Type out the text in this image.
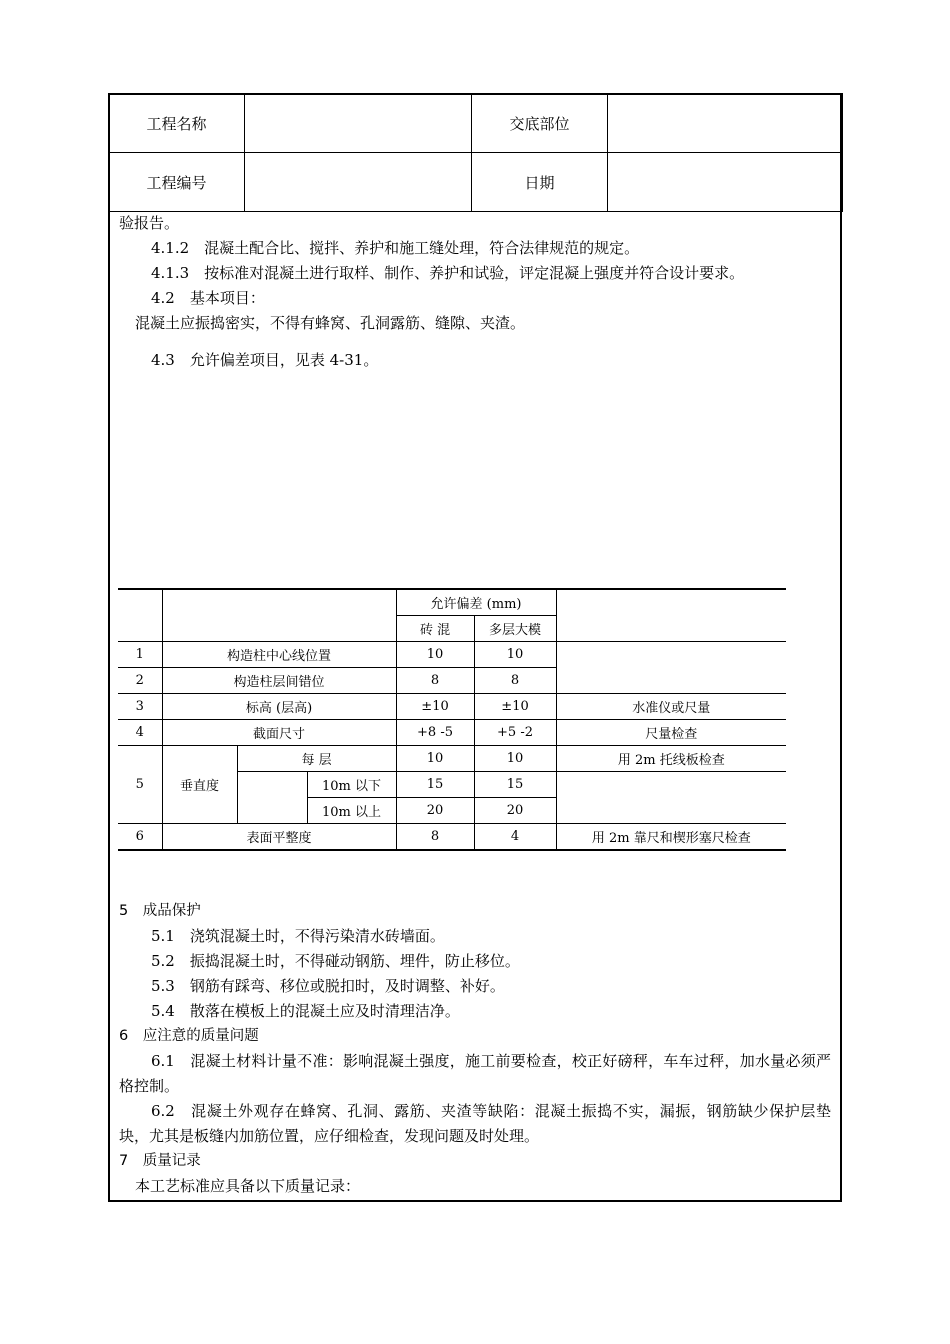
工程名称		交底部位	
工程编号		日期	
验报告。
4.1.2　混凝土配合比、搅拌、养护和施工缝处理，符合法律规范的规定。
4.1.3　按标准对混凝土进行取样、制作、养护和试验，评定混凝上强度并符合设计要求。
4.2　基本项目：
混凝土应振捣密实，不得有蜂窝、孔洞露筋、缝隙、夹渣。
4.3　允许偏差项目，见表 4-31。
				允许偏差 (mm)		
				砖 混	多层大模	
1	构造柱中心线位置			10	10	
2	构造柱层间错位			8	8	
3	标高 (层高)			±10	±10	水准仪或尺量
4	截面尺寸			+8 -5	+5 -2	尺量检查
5	垂直度	每 层		10	10	用 2m 托线板检查
			10m 以下	15	15	
			10m 以上	20	20	
6	表面平整度			8	4	用 2m 靠尺和楔形塞尺检查
5　成品保护
5.1　浇筑混凝土时，不得污染清水砖墙面。
5.2　振捣混凝土时，不得碰动钢筋、埋件，防止移位。
5.3　钢筋有踩弯、移位或脱扣时，及时调整、补好。
5.4　散落在模板上的混凝土应及时清理洁净。
6　应注意的质量问题
6.1　混凝土材料计量不准：影响混凝土强度，施工前要检查，校正好磅秤，车车过秤，加水量必须严格控制。
6.2　混凝土外观存在蜂窝、孔洞、露筋、夹渣等缺陷：混凝土振捣不实，漏振，钢筋缺少保护层垫块，尤其是板缝内加筋位置，应仔细检查，发现问题及时处理。
7　质量记录
本工艺标准应具备以下质量记录：
